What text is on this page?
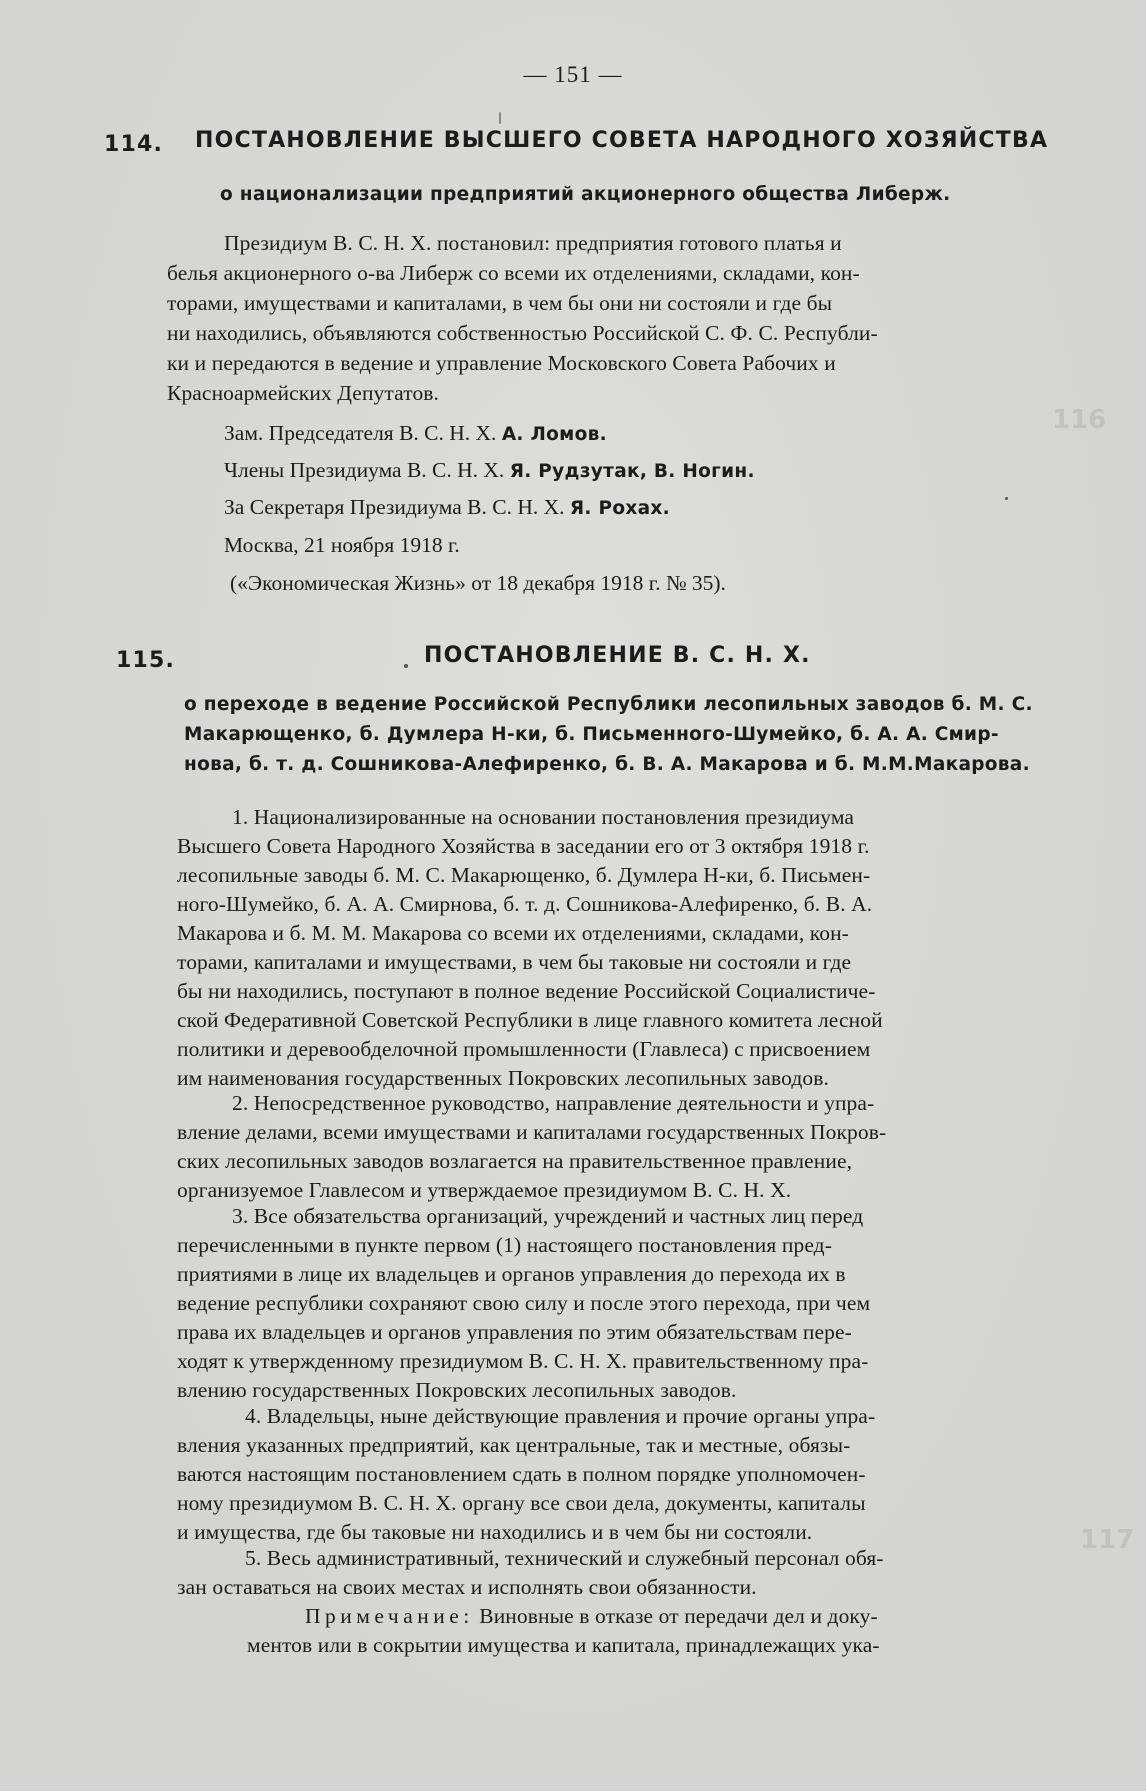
116
117
— 151 —
114. ПОСТАНОВЛЕНИЕ ВЫСШЕГО СОВЕТА НАРОДНОГО ХОЗЯЙСТВА
о национализации предприятий акционерного общества Либерж.
Президиум В. С. Н. Х. постановил: предприятия готового платья и
белья акционерного о-ва Либерж со всеми их отделениями, складами, кон-
торами, имуществами и капиталами, в чем бы они ни состояли и где бы
ни находились, объявляются собственностью Российской С. Ф. С. Республи-
ки и передаются в ведение и управление Московского Совета Рабочих и
Красноармейских Депутатов.
Зам. Председателя В. С. Н. Х. А. Ломов.
Члены Президиума В. С. Н. Х. Я. Рудзутак, В. Ногин.
За Секретаря Президиума В. С. Н. Х. Я. Рохах.
Москва, 21 ноября 1918 г.
(«Экономическая Жизнь» от 18 декабря 1918 г. № 35).
115.	ПОСТАНОВЛЕНИЕ В. С. Н. Х.
о переходе в ведение Российской Республики лесопильных заводов б. М. С.
Макарющенко, б. Думлера Н-ки, б. Письменного-Шумейко, б. А. А. Смир-
нова, б. т. д. Сошникова-Алефиренко, б. В. А. Макарова и б. М.М.Макарова.
1. Национализированные на основании постановления президиума
Высшего Совета Народного Хозяйства в заседании его от 3 октября 1918 г.
лесопильные заводы б. М. С. Макарющенко, б. Думлера Н-ки, б. Письмен-
ного-Шумейко, б. А. А. Смирнова, б. т. д. Сошникова-Алефиренко, б. В. А.
Макарова и б. М. М. Макарова со всеми их отделениями, складами, кон-
торами, капиталами и имуществами, в чем бы таковые ни состояли и где
бы ни находились, поступают в полное ведение Российской Социалистиче-
ской Федеративной Советской Республики в лице главного комитета лесной
политики и деревообделочной промышленности (Главлеса) с присвоением
им наименования государственных Покровских лесопильных заводов.
2. Непосредственное руководство, направление деятельности и упра-
вление делами, всеми имуществами и капиталами государственных Покров-
ских лесопильных заводов возлагается на правительственное правление,
организуемое Главлесом и утверждаемое президиумом В. С. Н. Х.
3. Все обязательства организаций, учреждений и частных лиц перед
перечисленными в пункте первом (1) настоящего постановления пред-
приятиями в лице их владельцев и органов управления до перехода их в
ведение республики сохраняют свою силу и после этого перехода, при чем
права их владельцев и органов управления по этим обязательствам пере-
ходят к утвержденному президиумом В. С. Н. Х. правительственному пра-
влению государственных Покровских лесопильных заводов.
4. Владельцы, ныне действующие правления и прочие органы упра-
вления указанных предприятий, как центральные, так и местные, обязы-
ваются настоящим постановлением сдать в полном порядке уполномочен-
ному президиумом В. С. Н. Х. органу все свои дела, документы, капиталы
и имущества, где бы таковые ни находились и в чем бы ни состояли.
5. Весь административный, технический и служебный персонал обя-
зан оставаться на своих местах и исполнять свои обязанности.
Примечание: Виновные в отказе от передачи дел и доку-
ментов или в сокрытии имущества и капитала, принадлежащих ука-
